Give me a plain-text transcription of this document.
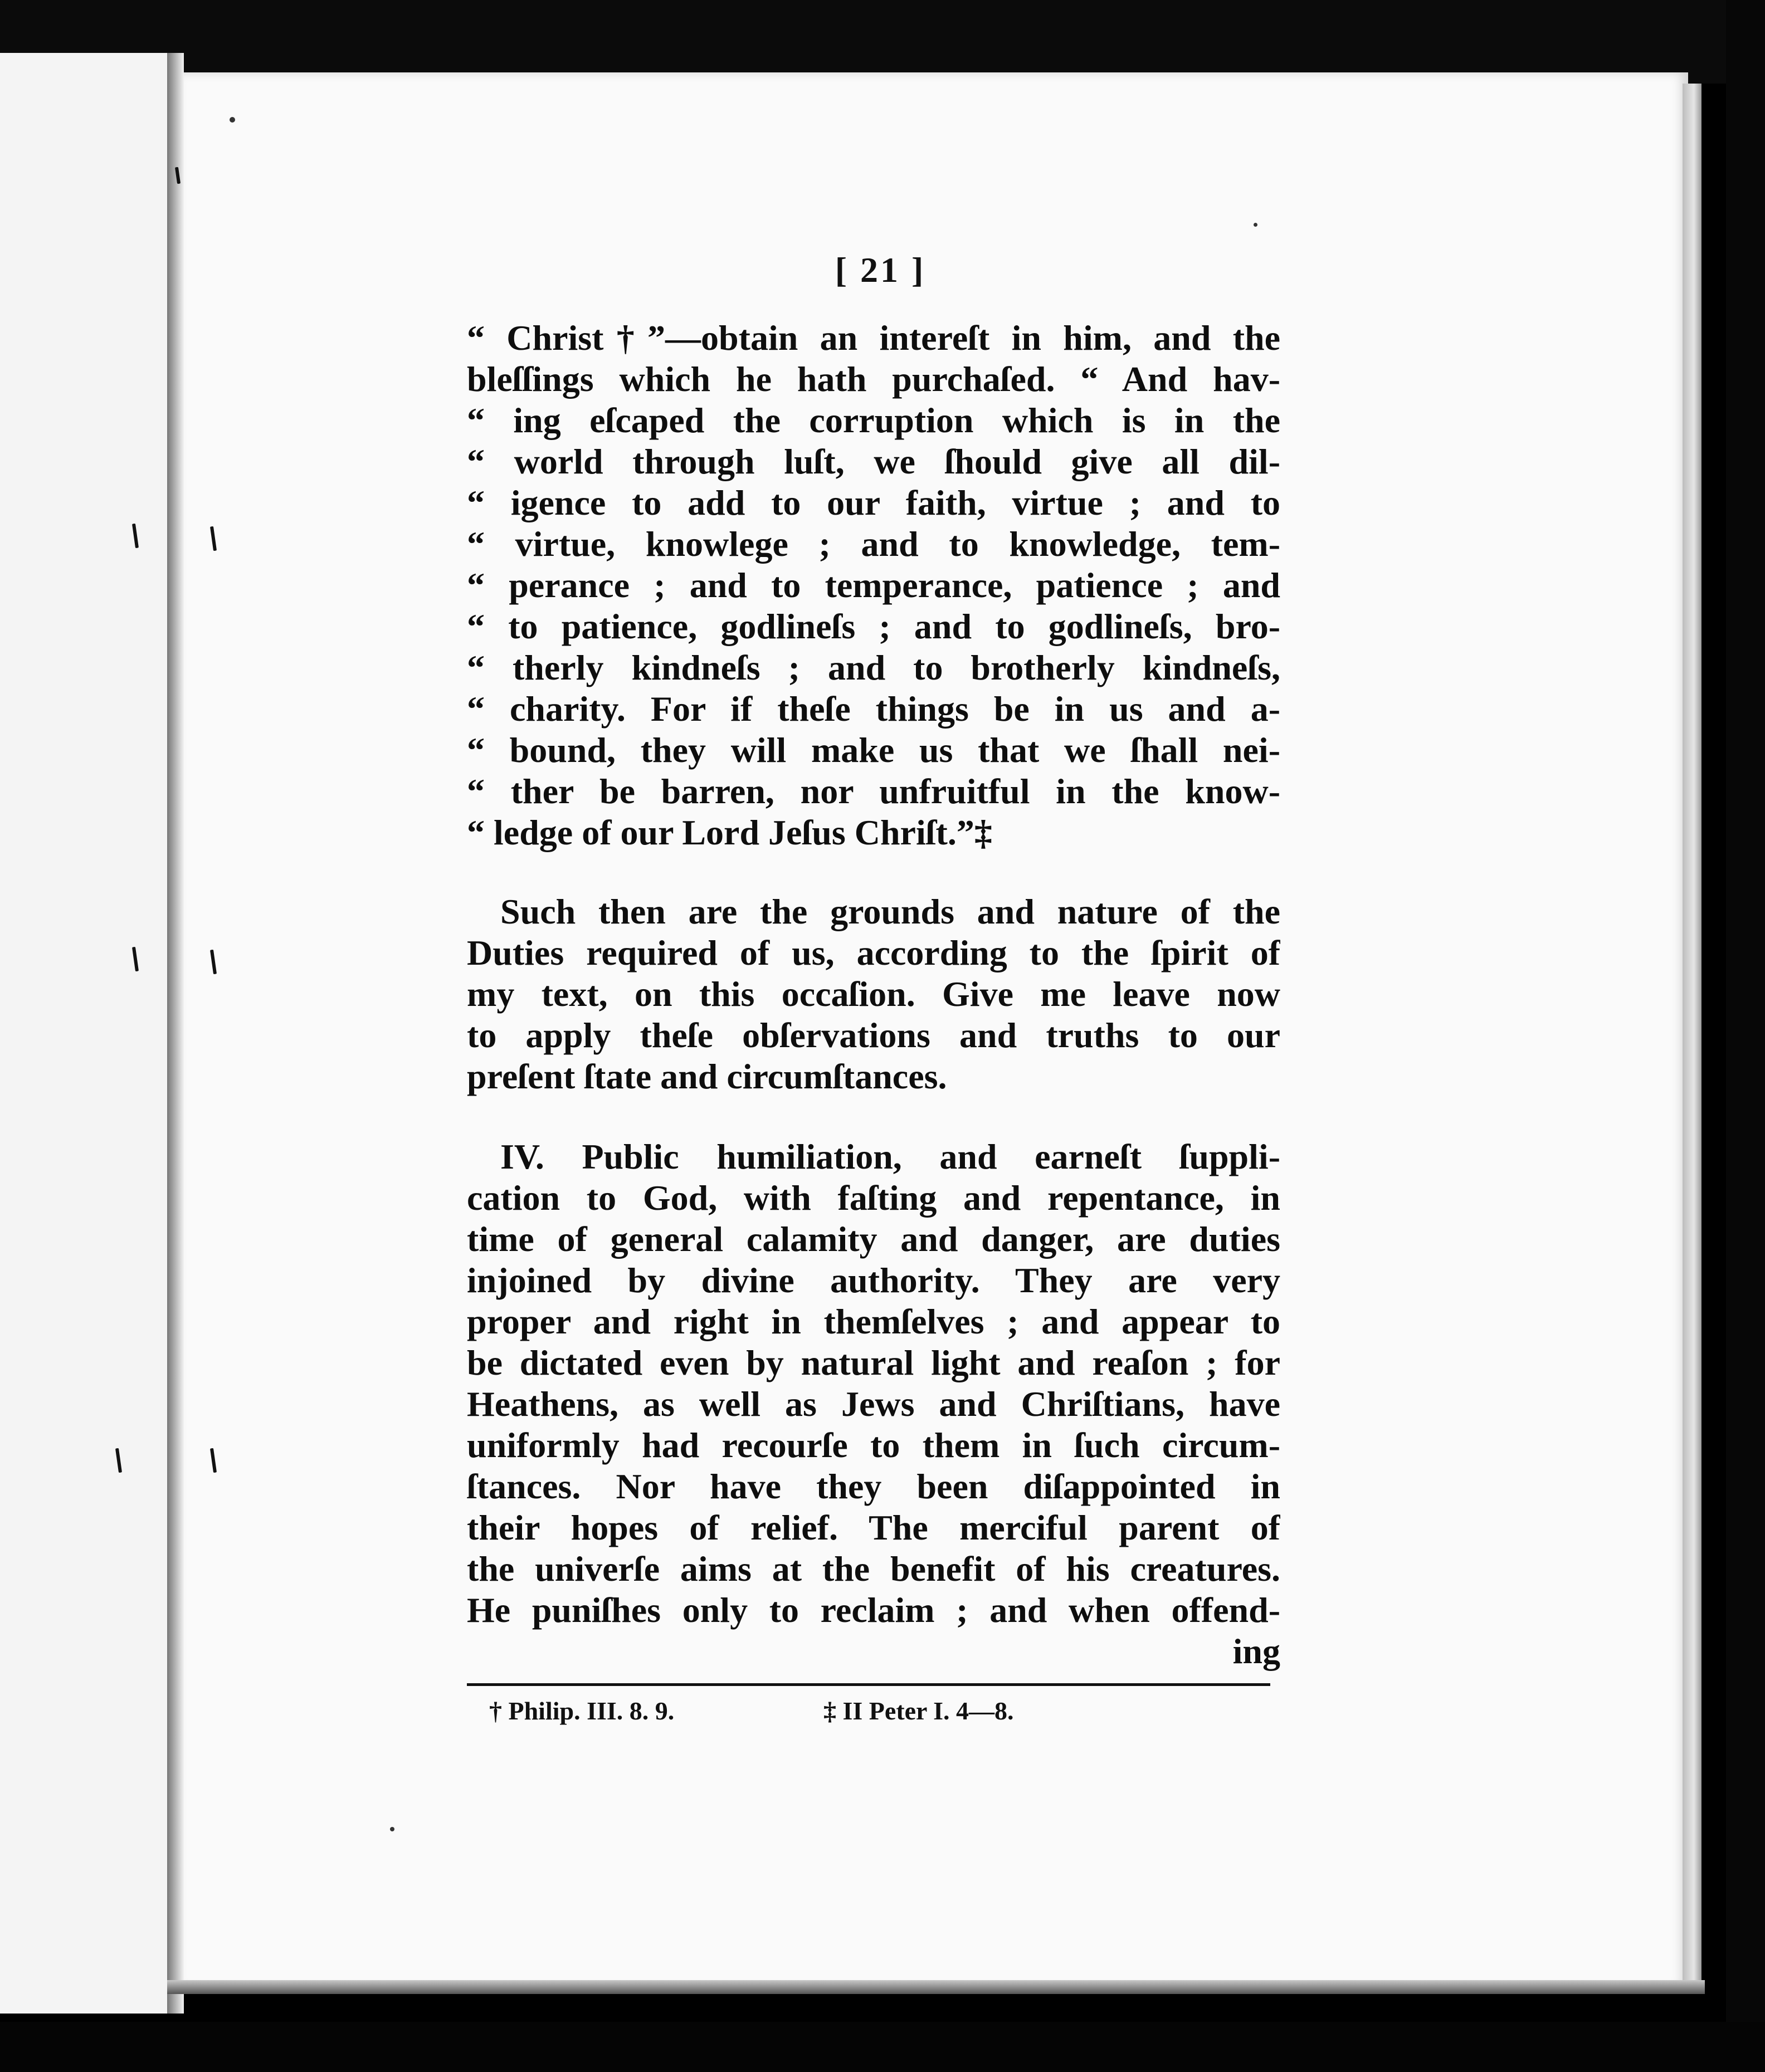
[ 21 ]
“ Christ†”—obtain an intereſt in him, and the
bleſſings which he hath purchaſed. “ And hav-
“ ing eſcaped the corruption which is in the
“ world through luſt, we ſhould give all dil-
“ igence to add to our faith, virtue ; and to
“ virtue, knowlege ; and to knowledge, tem-
“ perance ; and to temperance, patience ; and
“ to patience, godlineſs ; and to godlineſs, bro-
“ therly kindneſs ; and to brotherly kindneſs,
“ charity. For if theſe things be in us and a-
“ bound, they will make us that we ſhall nei-
“ ther be barren, nor unfruitful in the know-
“ ledge of our Lord Jeſus Chriſt.”‡
Such then are the grounds and nature of the
Duties required of us, according to the ſpirit of
my text, on this occaſion. Give me leave now
to apply theſe obſervations and truths to our
preſent ſtate and circumſtances.
IV. Public humiliation, and earneſt ſuppli-
cation to God, with faſting and repentance, in
time of general calamity and danger, are duties
injoined by divine authority. They are very
proper and right in themſelves ; and appear to
be dictated even by natural light and reaſon ; for
Heathens, as well as Jews and Chriſtians, have
uniformly had recourſe to them in ſuch circum-
ſtances. Nor have they been diſappointed in
their hopes of relief. The merciful parent of
the univerſe aims at the benefit of his creatures.
He puniſhes only to reclaim ; and when offend-
ing
† Philip. III. 8. 9.	‡ II Peter I. 4—8.
